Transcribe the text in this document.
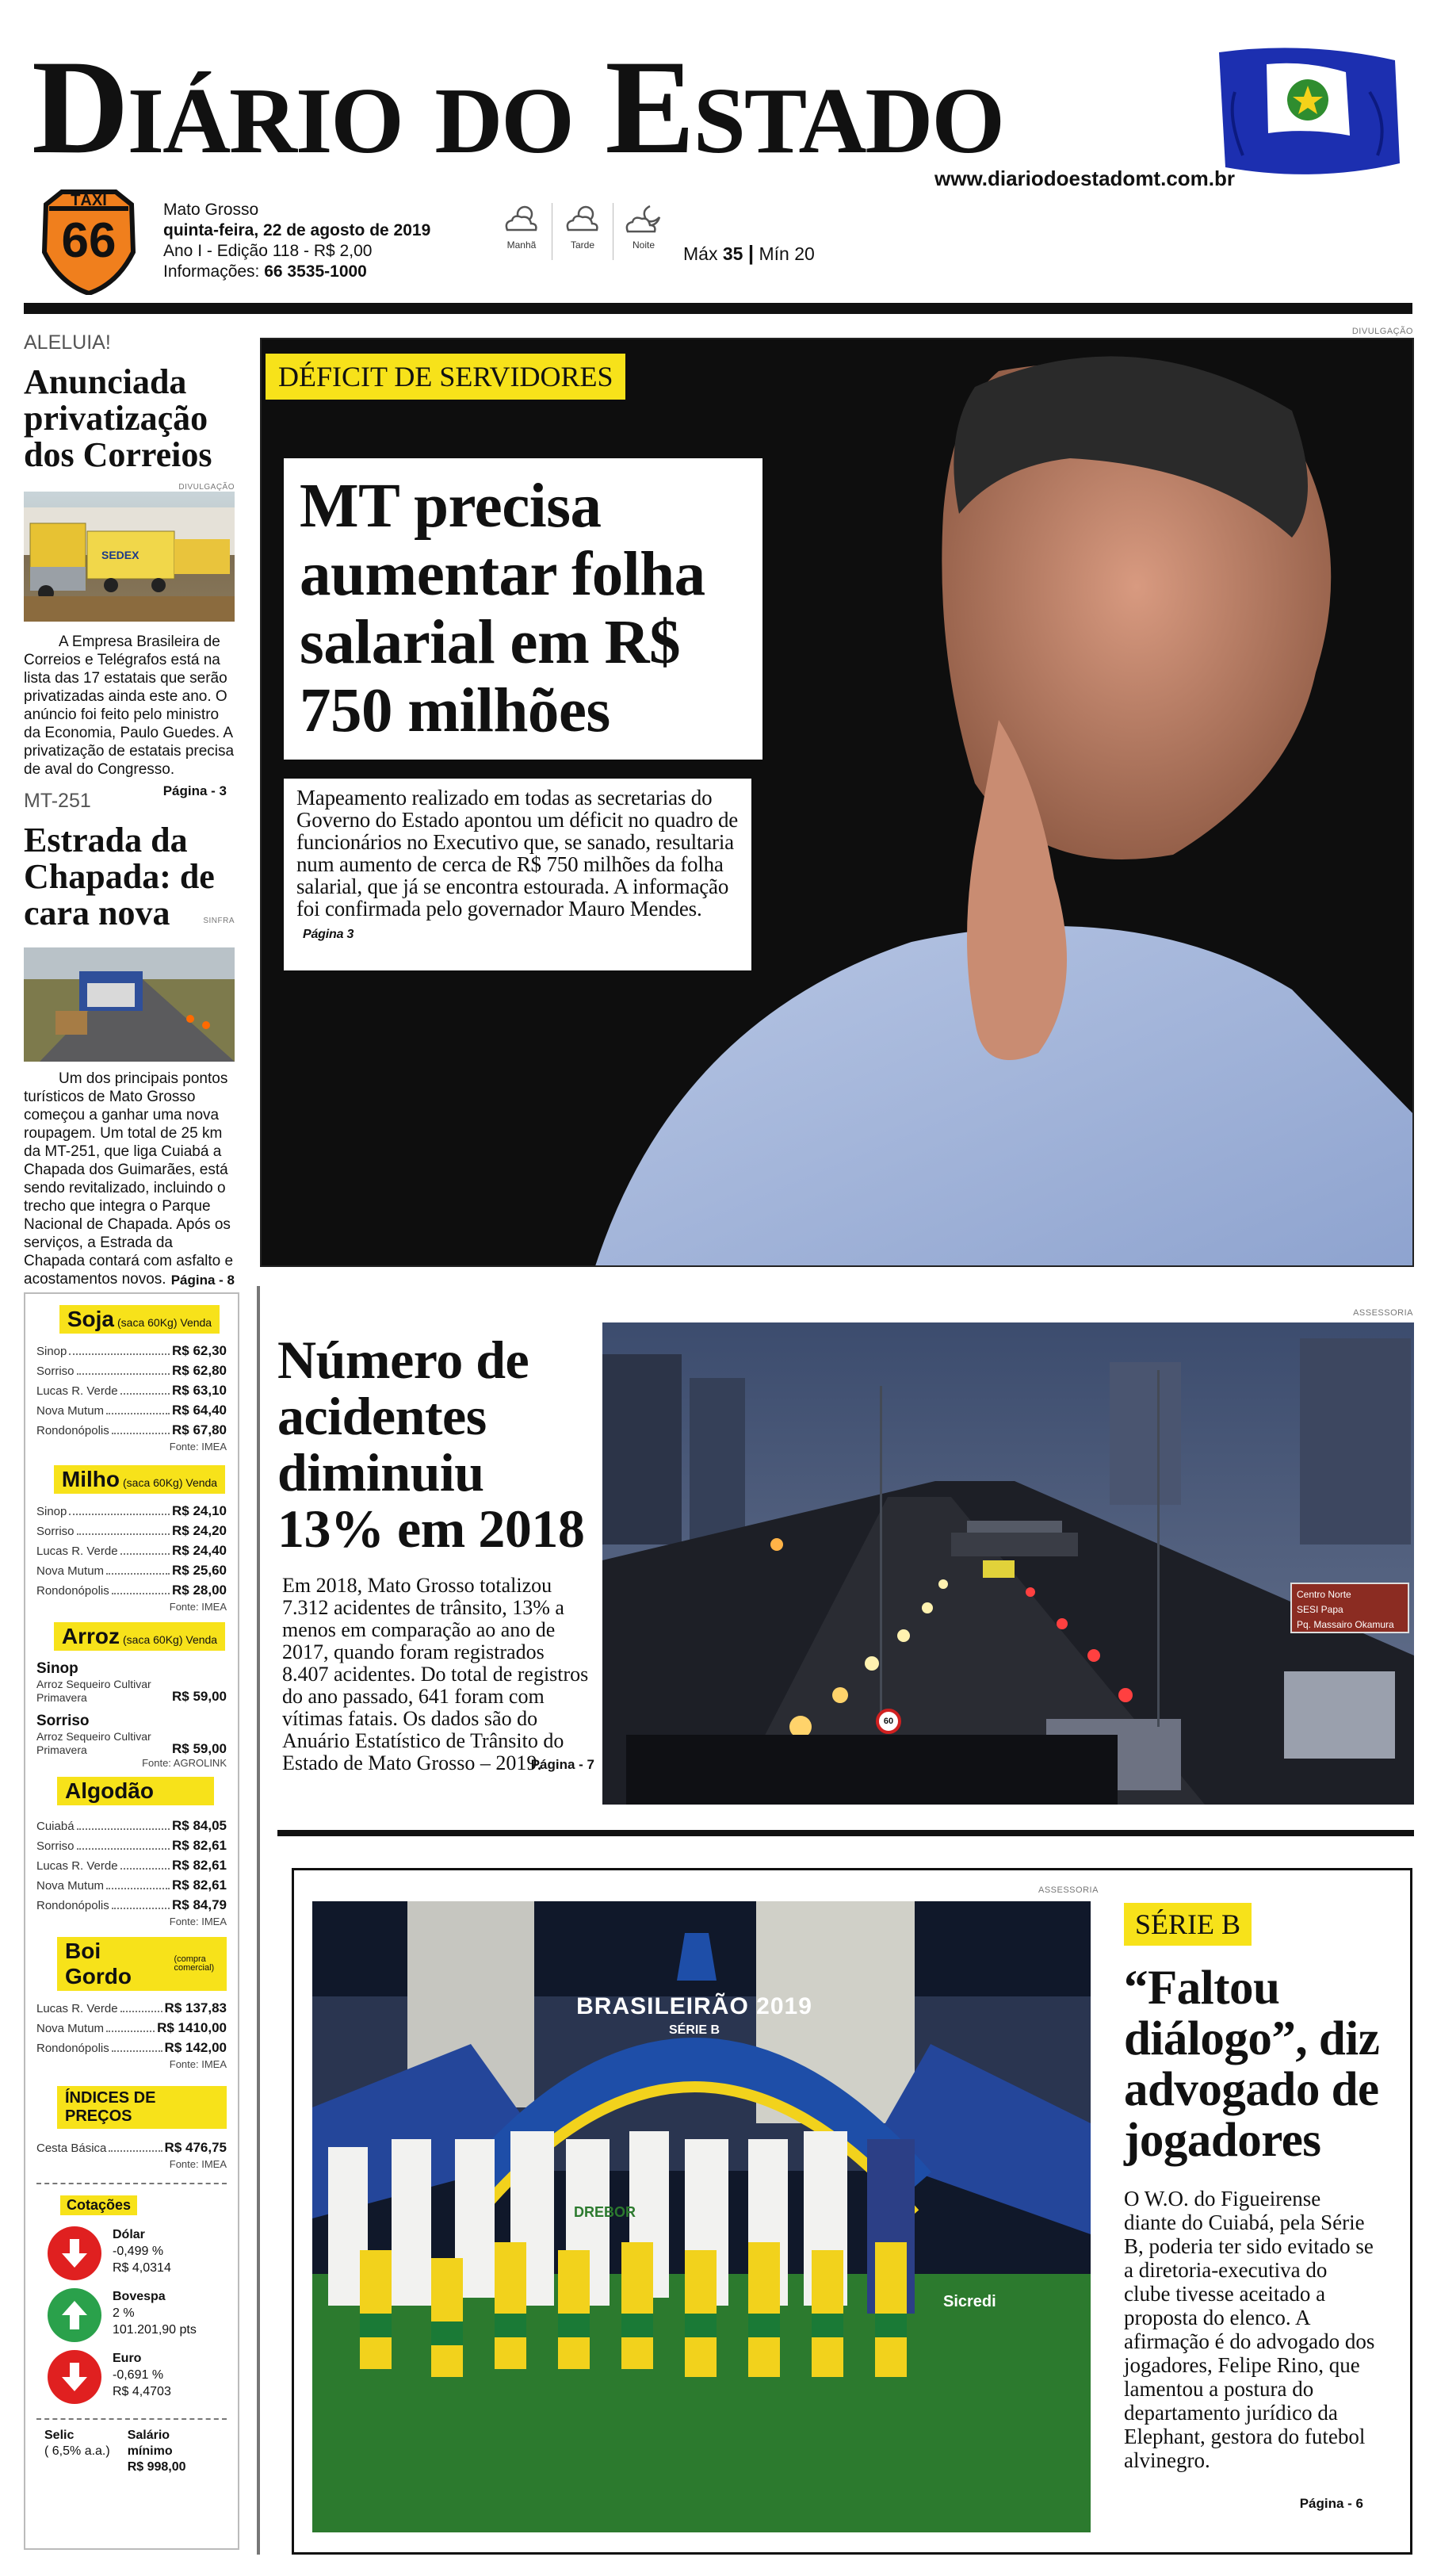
Diário do Estado
www.diariodoestadomt.com.br
TÁXI
66
Mato Grosso
quinta-feira, 22 de agosto de 2019
Ano I - Edição 118 - R$ 2,00
Informações: 66 3535-1000
Manhã	Tarde	Noite	Máx 35 | Mín 20
ALELUIA!
Anunciada privatização dos Correios
DIVULGAÇÃO
SEDEX
A Empresa Brasileira de Correios e Telégrafos está na lista das 17 estatais que serão privatizadas ainda este ano. O anúncio foi feito pelo ministro da Economia, Paulo Guedes. A privatização de estatais precisa de aval do Congresso.
Página - 3
MT-251
Estrada da Chapada: de cara nova	SINFRA
Um dos principais pontos turísticos de Mato Grosso começou a ganhar uma nova roupagem. Um total de 25 km da MT-251, que liga Cuiabá a Chapada dos Guimarães, está sendo revitalizado, incluindo o trecho que integra o Parque Nacional de Chapada. Após os serviços, a Estrada da Chapada contará com asfalto e acostamentos novos. Página - 8
DIVULGAÇÃO
DÉFICIT DE SERVIDORES
MT precisa aumentar folha salarial em R$ 750 milhões
Mapeamento realizado em todas as secretarias do Governo do Estado apontou um déficit no quadro de funcionários no Executivo que, se sanado, resultaria num aumento de cerca de R$ 750 milhões da folha salarial, que já se encontra estourada. A informação foi confirmada pelo governador Mauro Mendes. Página 3
Soja (saca 60Kg) Venda
Sinop	R$ 62,30
Sorriso	R$ 62,80
Lucas R. Verde	R$ 63,10
Nova Mutum	R$ 64,40
Rondonópolis	R$ 67,80
Fonte: IMEA
Milho (saca 60Kg) Venda
Sinop	R$ 24,10
Sorriso	R$ 24,20
Lucas R. Verde	R$ 24,40
Nova Mutum	R$ 25,60
Rondonópolis	R$ 28,00
Fonte: IMEA
Arroz (saca 60Kg) Venda
Sinop
Arroz Sequeiro Cultivar Primavera	R$ 59,00
Sorriso
Arroz Sequeiro Cultivar Primavera	R$ 59,00
Fonte: AGROLINK
Algodão
Cuiabá	R$ 84,05
Sorriso	R$ 82,61
Lucas R. Verde	R$ 82,61
Nova Mutum	R$ 82,61
Rondonópolis	R$ 84,79
Fonte: IMEA
Boi Gordo
(compra comercial)
Lucas R. Verde	R$ 137,83
Nova Mutum	R$ 1410,00
Rondonópolis	R$ 142,00
Fonte: IMEA
ÍNDICES DE PREÇOS
Cesta Básica	R$ 476,75
Fonte: IMEA
Cotações
Dólar
-0,499 %
R$ 4,0314
Bovespa
2 %
101.201,90 pts
Euro
-0,691 %
R$ 4,4703
Selic
( 6,5% a.a.)
Salário mínimo
R$ 998,00
Número de acidentes diminuiu 13% em 2018
Em 2018, Mato Grosso totalizou 7.312 acidentes de trânsito, 13% a menos em comparação ao ano de 2017, quando foram registrados 8.407 acidentes. Do total de registros do ano passado, 641 foram com vítimas fatais. Os dados são do Anuário Estatístico de Trânsito do Estado de Mato Grosso – 2019.
Página - 7
ASSESSORIA
Centro Norte
SESI Papa
Pq. Massairo Okamura
60
ASSESSORIA
BRASILEIRÃO 2019
SÉRIE B
DREBOR
Sicredi
SÉRIE B
“Faltou diálogo”, diz advogado de jogadores
O W.O. do Figueirense diante do Cuiabá, pela Série B, poderia ter sido evitado se a diretoria-executiva do clube tivesse aceitado a proposta do elenco. A afirmação é do advogado dos jogadores, Felipe Rino, que lamentou a postura do departamento jurídico da Elephant, gestora do futebol alvinegro.
Página - 6
